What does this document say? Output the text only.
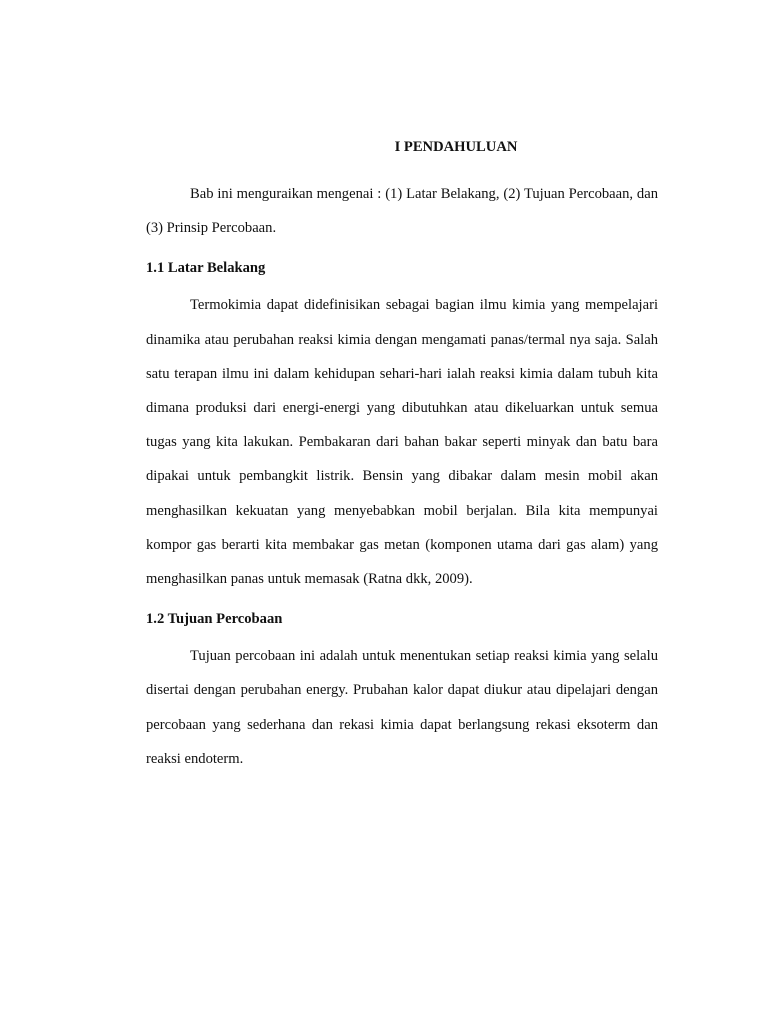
I PENDAHULUAN

Bab ini menguraikan mengenai : (1) Latar Belakang, (2) Tujuan Percobaan, dan (3) Prinsip Percobaan.

1.1 Latar Belakang

Termokimia dapat didefinisikan sebagai bagian ilmu kimia yang mempelajari dinamika atau perubahan reaksi kimia dengan mengamati panas/termal nya saja. Salah satu terapan ilmu ini dalam kehidupan sehari-hari ialah reaksi kimia dalam tubuh kita dimana produksi dari energi-energi yang dibutuhkan atau dikeluarkan untuk semua tugas yang kita lakukan. Pembakaran dari bahan bakar seperti minyak dan batu bara dipakai untuk pembangkit listrik. Bensin yang dibakar dalam mesin mobil akan menghasilkan kekuatan yang menyebabkan mobil berjalan. Bila kita mempunyai kompor gas berarti kita membakar gas metan (komponen utama dari gas alam) yang menghasilkan panas untuk memasak (Ratna dkk, 2009).

1.2 Tujuan Percobaan

Tujuan percobaan ini adalah untuk menentukan setiap reaksi kimia yang selalu disertai dengan perubahan energy. Prubahan kalor dapat diukur atau dipelajari dengan percobaan yang sederhana dan rekasi kimia dapat berlangsung rekasi eksoterm dan reaksi endoterm.
